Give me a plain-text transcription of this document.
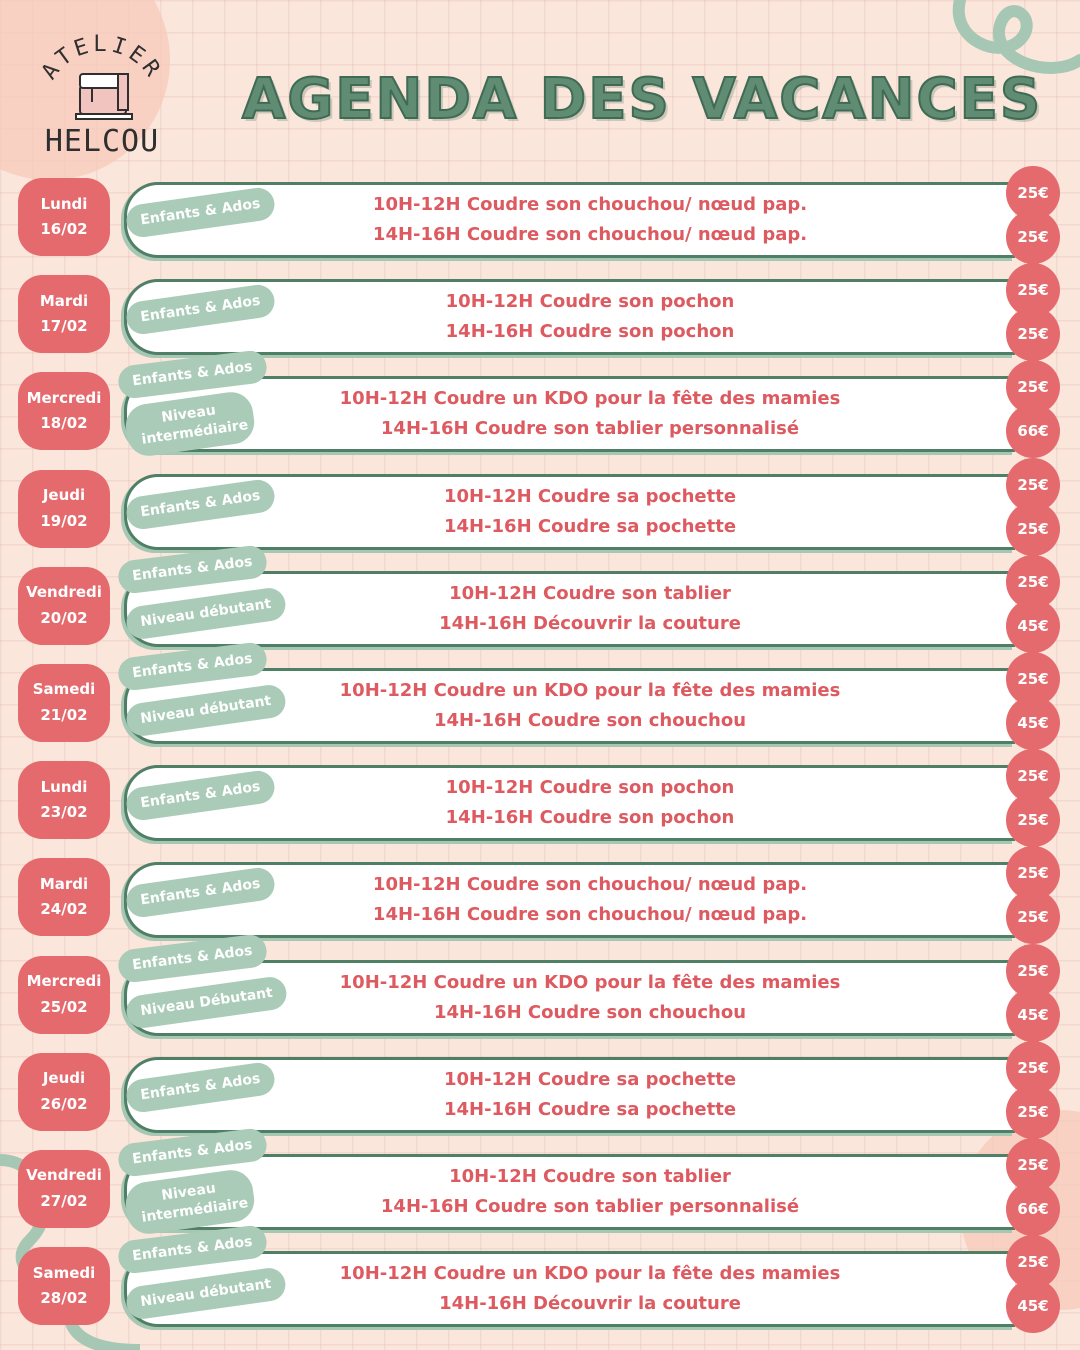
ATELIER
HELCOU
AGENDA DES VACANCES
Lundi
16/02
10H-12H Coudre son chouchou/ nœud pap.
14H-16H Coudre son chouchou/ nœud pap.
Enfants & Ados
25€
25€
Mardi
17/02
10H-12H Coudre son pochon
14H-16H Coudre son pochon
Enfants & Ados
25€
25€
Mercredi
18/02
10H-12H Coudre un KDO pour la fête des mamies
14H-16H Coudre son tablier personnalisé
Enfants & Ados
Niveau intermédiaire
25€
66€
Jeudi
19/02
10H-12H Coudre sa pochette
14H-16H Coudre sa pochette
Enfants & Ados
25€
25€
Vendredi
20/02
10H-12H Coudre son tablier
14H-16H Découvrir la couture
Enfants & Ados
Niveau débutant
25€
45€
Samedi
21/02
10H-12H Coudre un KDO pour la fête des mamies
14H-16H Coudre son chouchou
Enfants & Ados
Niveau débutant
25€
45€
Lundi
23/02
10H-12H Coudre son pochon
14H-16H Coudre son pochon
Enfants & Ados
25€
25€
Mardi
24/02
10H-12H Coudre son chouchou/ nœud pap.
14H-16H Coudre son chouchou/ nœud pap.
Enfants & Ados
25€
25€
Mercredi
25/02
10H-12H Coudre un KDO pour la fête des mamies
14H-16H Coudre son chouchou
Enfants & Ados
Niveau Débutant
25€
45€
Jeudi
26/02
10H-12H Coudre sa pochette
14H-16H Coudre sa pochette
Enfants & Ados
25€
25€
Vendredi
27/02
10H-12H Coudre son tablier
14H-16H Coudre son tablier personnalisé
Enfants & Ados
Niveau intermédiaire
25€
66€
Samedi
28/02
10H-12H Coudre un KDO pour la fête des mamies
14H-16H Découvrir la couture
Enfants & Ados
Niveau débutant
25€
45€
